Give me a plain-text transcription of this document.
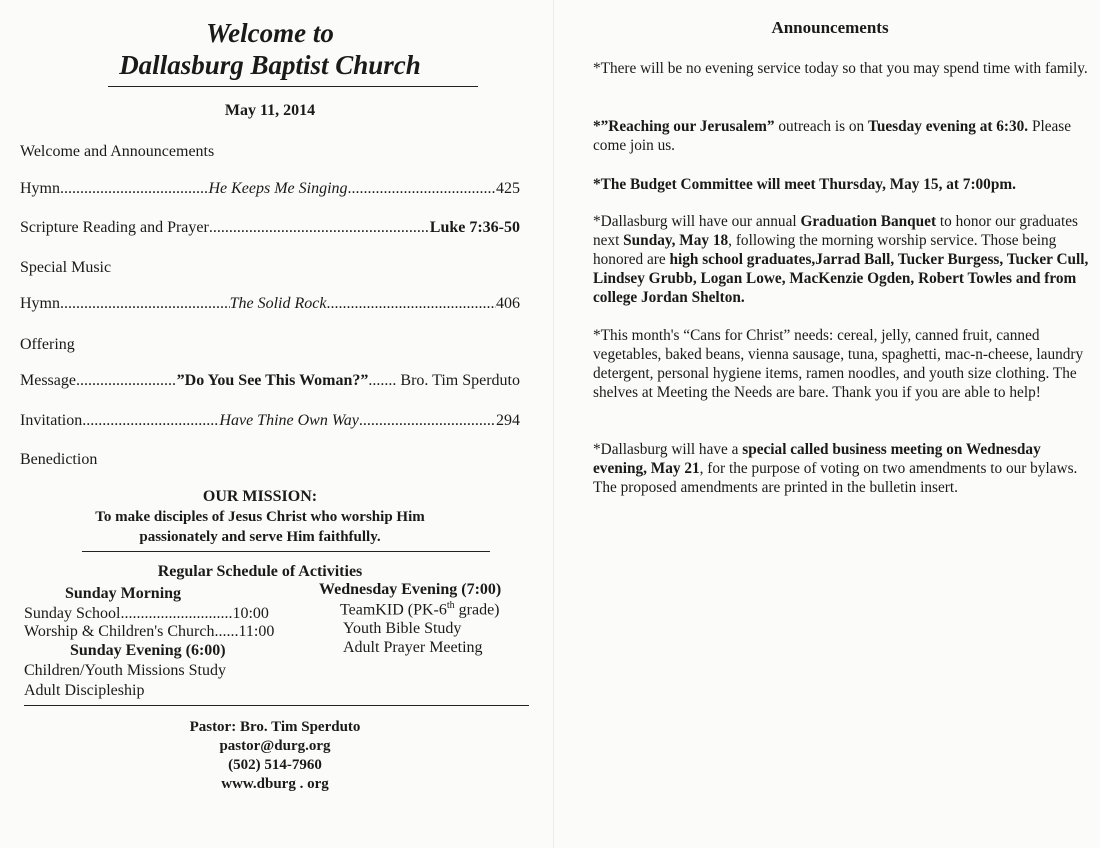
Welcome to
Dallasburg Baptist Church
May 11, 2014
Welcome and Announcements
Hymn .....	He Keeps Me Singing .....	425
Scripture Reading and Prayer .....	Luke 7:36-50
Special Music
Hymn .....	The Solid Rock .....	406
Offering
Message .....	”Do You See This Woman?” ....... Bro. Tim Sperduto
Invitation .....	Have Thine Own Way .....	294
Benediction
OUR MISSION:
To make disciples of Jesus Christ who worship Him
passionately and serve Him faithfully.
Regular Schedule of Activities
Sunday Morning
Sunday School............................10:00
Worship & Children's Church......11:00
Sunday Evening (6:00)
Children/Youth Missions Study
Adult Discipleship
Wednesday Evening (7:00)
TeamKID (PK-6th grade)
Youth Bible Study
Adult Prayer Meeting
Pastor: Bro. Tim Sperduto
pastor@durg.org
(502) 514-7960
www.dburg . org
Announcements
*There will be no evening service today so that you may spend time with family.
*”Reaching our Jerusalem” outreach is on Tuesday evening at 6:30. Please come join us.
*The Budget Committee will meet Thursday, May 15, at 7:00pm.
*Dallasburg will have our annual Graduation Banquet to honor our graduates next Sunday, May 18, following the morning worship service. Those being honored are high school graduates,Jarrad Ball, Tucker Burgess, Tucker Cull, Lindsey Grubb, Logan Lowe, MacKenzie Ogden, Robert Towles and from college Jordan Shelton.
*This month's “Cans for Christ” needs: cereal, jelly, canned fruit, canned vegetables, baked beans, vienna sausage, tuna, spaghetti, mac-n-cheese, laundry detergent, personal hygiene items, ramen noodles, and youth size clothing. The shelves at Meeting the Needs are bare. Thank you if you are able to help!
*Dallasburg will have a special called business meeting on Wednesday evening, May 21, for the purpose of voting on two amendments to our bylaws. The proposed amendments are printed in the bulletin insert.
